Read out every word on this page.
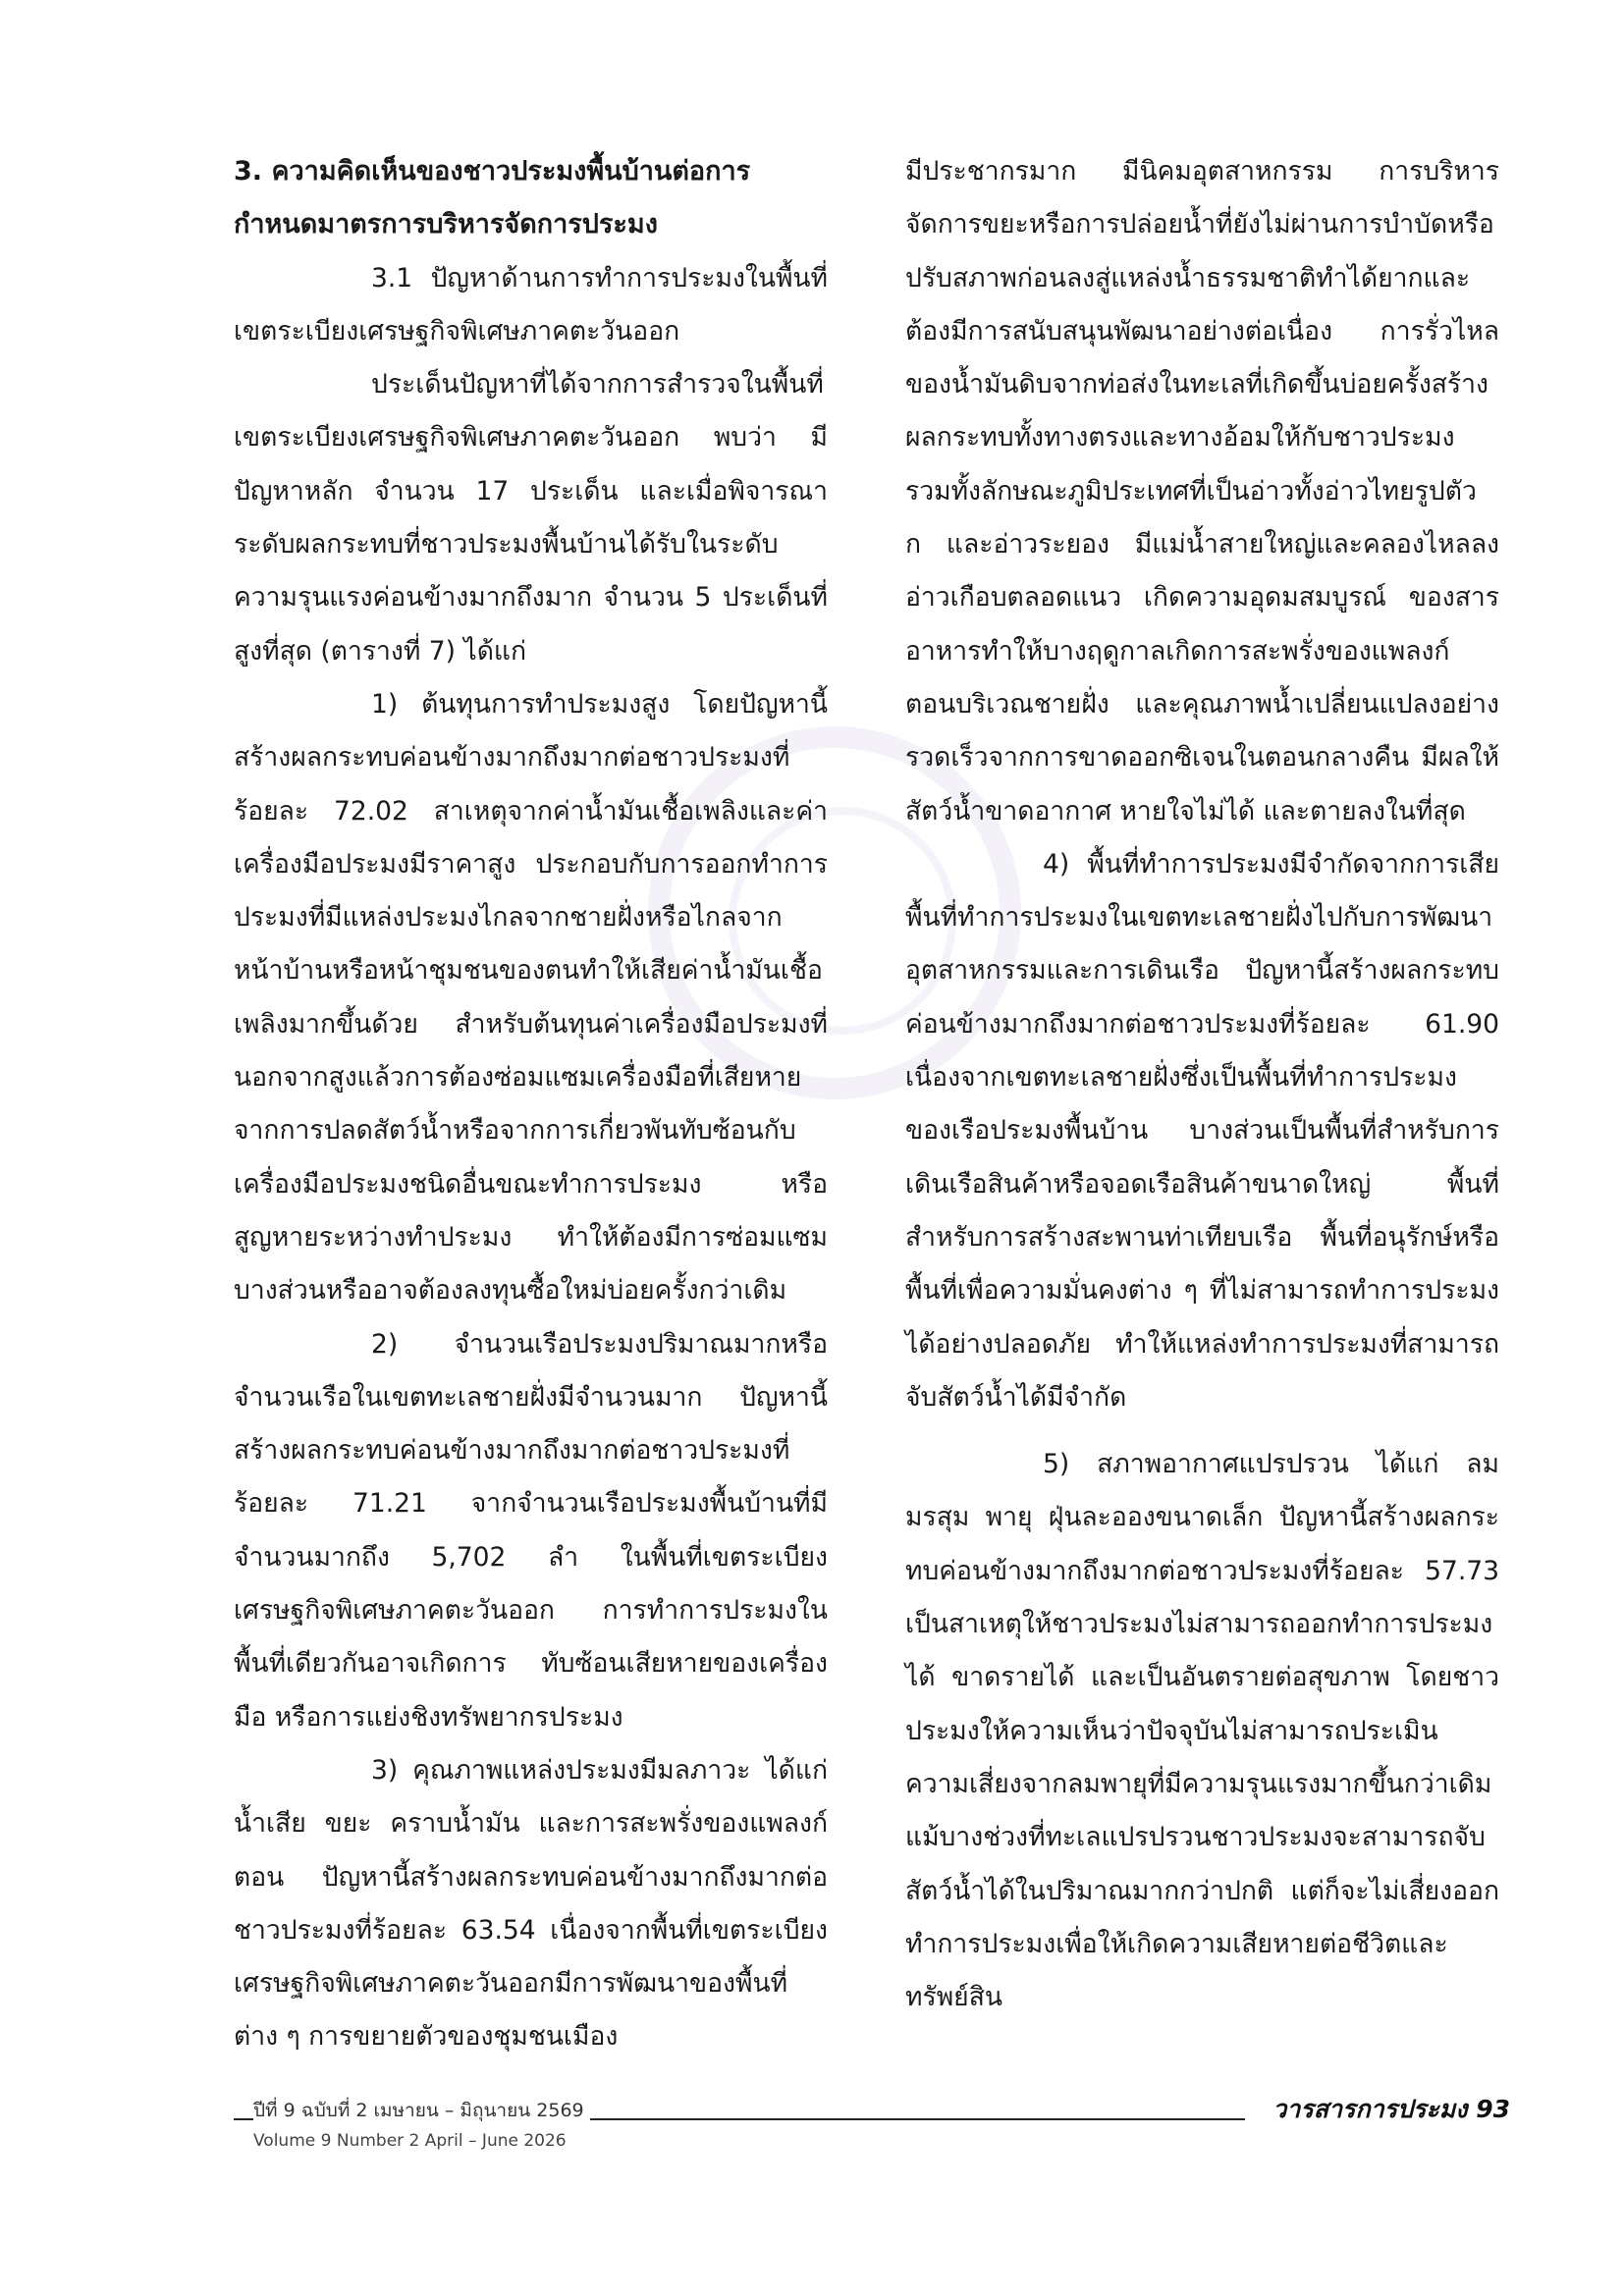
3. ความคิดเห็นของชาวประมงพื้นบ้านต่อการกำหนดมาตรการบริหารจัดการประมง

3.1 ปัญหาด้านการทำการประมงในพื้นที่เขตระเบียงเศรษฐกิจพิเศษภาคตะวันออก

ประเด็นปัญหาที่ได้จากการสำรวจในพื้นที่เขตระเบียงเศรษฐกิจพิเศษภาคตะวันออก พบว่า มีปัญหาหลัก จำนวน 17 ประเด็น และเมื่อพิจารณาระดับผลกระทบที่ชาวประมงพื้นบ้านได้รับในระดับความรุนแรงค่อนข้างมากถึงมาก จำนวน 5 ประเด็นที่สูงที่สุด (ตารางที่ 7) ได้แก่

1) ต้นทุนการทำประมงสูง โดยปัญหานี้สร้างผลกระทบค่อนข้างมากถึงมากต่อชาวประมงที่ร้อยละ 72.02 สาเหตุจากค่าน้ำมันเชื้อเพลิงและค่าเครื่องมือประมงมีราคาสูง ประกอบกับการออกทำการประมงที่มีแหล่งประมงไกลจากชายฝั่งหรือไกลจากหน้าบ้านหรือหน้าชุมชนของตนทำให้เสียค่าน้ำมันเชื้อเพลิงมากขึ้นด้วย สำหรับต้นทุนค่าเครื่องมือประมงที่นอกจากสูงแล้วการต้องซ่อมแซมเครื่องมือที่เสียหายจากการปลดสัตว์น้ำหรือจากการเกี่ยวพันทับซ้อนกับเครื่องมือประมงชนิดอื่นขณะทำการประมง หรือสูญหายระหว่างทำประมง ทำให้ต้องมีการซ่อมแซมบางส่วนหรืออาจต้องลงทุนซื้อใหม่บ่อยครั้งกว่าเดิม

2) จำนวนเรือประมงปริมาณมากหรือจำนวนเรือในเขตทะเลชายฝั่งมีจำนวนมาก ปัญหานี้สร้างผลกระทบค่อนข้างมากถึงมากต่อชาวประมงที่ร้อยละ 71.21 จากจำนวนเรือประมงพื้นบ้านที่มีจำนวนมากถึง 5,702 ลำ ในพื้นที่เขตระเบียงเศรษฐกิจพิเศษภาคตะวันออก การทำการประมงในพื้นที่เดียวกันอาจเกิดการ ทับซ้อนเสียหายของเครื่องมือ หรือการแย่งชิงทรัพยากรประมง

3) คุณภาพแหล่งประมงมีมลภาวะ ได้แก่ น้ำเสีย ขยะ คราบน้ำมัน และการสะพรั่งของแพลงก์ตอน ปัญหานี้สร้างผลกระทบค่อนข้างมากถึงมากต่อชาวประมงที่ร้อยละ 63.54 เนื่องจากพื้นที่เขตระเบียงเศรษฐกิจพิเศษภาคตะวันออกมีการพัฒนาของพื้นที่ต่าง ๆ การขยายตัวของชุมชนเมือง

มีประชากรมาก มีนิคมอุตสาหกรรม การบริหารจัดการขยะหรือการปล่อยน้ำที่ยังไม่ผ่านการบำบัดหรือปรับสภาพก่อนลงสู่แหล่งน้ำธรรมชาติทำได้ยากและต้องมีการสนับสนุนพัฒนาอย่างต่อเนื่อง การรั่วไหลของน้ำมันดิบจากท่อส่งในทะเลที่เกิดขึ้นบ่อยครั้งสร้างผลกระทบทั้งทางตรงและทางอ้อมให้กับชาวประมง รวมทั้งลักษณะภูมิประเทศที่เป็นอ่าวทั้งอ่าวไทยรูปตัว ก และอ่าวระยอง มีแม่น้ำสายใหญ่และคลองไหลลงอ่าวเกือบตลอดแนว เกิดความอุดมสมบูรณ์ ของสารอาหารทำให้บางฤดูกาลเกิดการสะพรั่งของแพลงก์ตอนบริเวณชายฝั่ง และคุณภาพน้ำเปลี่ยนแปลงอย่างรวดเร็วจากการขาดออกซิเจนในตอนกลางคืน มีผลให้สัตว์น้ำขาดอากาศ หายใจไม่ได้ และตายลงในที่สุด

4) พื้นที่ทำการประมงมีจำกัดจากการเสียพื้นที่ทำการประมงในเขตทะเลชายฝั่งไปกับการพัฒนาอุตสาหกรรมและการเดินเรือ ปัญหานี้สร้างผลกระทบค่อนข้างมากถึงมากต่อชาวประมงที่ร้อยละ 61.90 เนื่องจากเขตทะเลชายฝั่งซึ่งเป็นพื้นที่ทำการประมงของเรือประมงพื้นบ้าน บางส่วนเป็นพื้นที่สำหรับการเดินเรือสินค้าหรือจอดเรือสินค้าขนาดใหญ่ พื้นที่สำหรับการสร้างสะพานท่าเทียบเรือ พื้นที่อนุรักษ์หรือพื้นที่เพื่อความมั่นคงต่าง ๆ ที่ไม่สามารถทำการประมงได้อย่างปลอดภัย ทำให้แหล่งทำการประมงที่สามารถจับสัตว์น้ำได้มีจำกัด

5) สภาพอากาศแปรปรวน ได้แก่ ลมมรสุม พายุ ฝุ่นละอองขนาดเล็ก ปัญหานี้สร้างผลกระทบค่อนข้างมากถึงมากต่อชาวประมงที่ร้อยละ 57.73 เป็นสาเหตุให้ชาวประมงไม่สามารถออกทำการประมงได้ ขาดรายได้ และเป็นอันตรายต่อสุขภาพ โดยชาวประมงให้ความเห็นว่าปัจจุบันไม่สามารถประเมินความเสี่ยงจากลมพายุที่มีความรุนแรงมากขึ้นกว่าเดิม แม้บางช่วงที่ทะเลแปรปรวนชาวประมงจะสามารถจับสัตว์น้ำได้ในปริมาณมากกว่าปกติ แต่ก็จะไม่เสี่ยงออกทำการประมงเพื่อให้เกิดความเสียหายต่อชีวิตและทรัพย์สิน

ปีที่ 9 ฉบับที่ 2 เมษายน – มิถุนายน 2569
Volume 9 Number 2 April – June 2026
วารสารการประมง 93
